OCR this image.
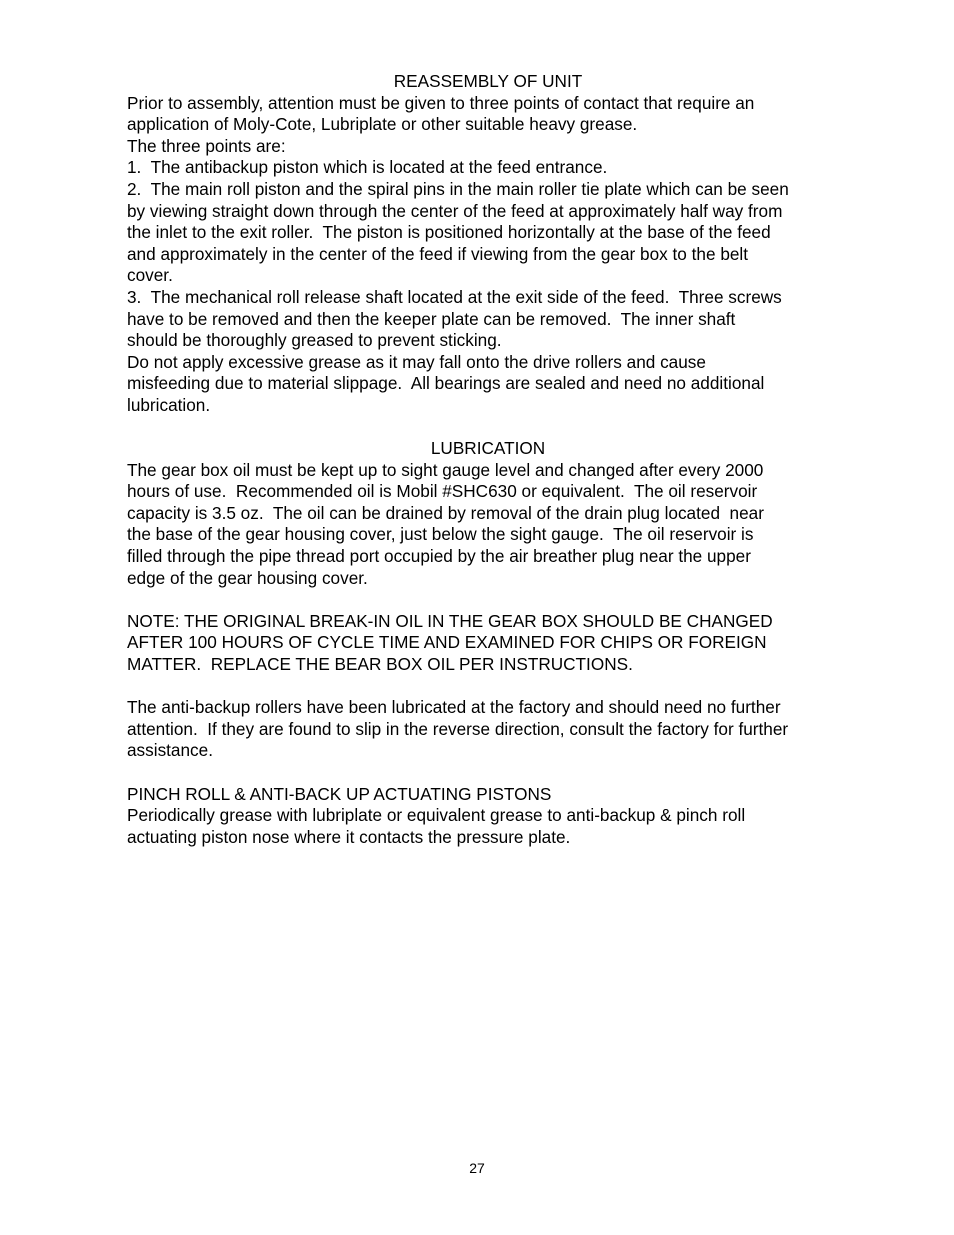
REASSEMBLY OF UNIT

Prior to assembly, attention must be given to three points of contact that require an

application of Moly-Cote, Lubriplate or other suitable heavy grease.

The three points are:

1.  The antibackup piston which is located at the feed entrance.

2.  The main roll piston and the spiral pins in the main roller tie plate which can be seen

by viewing straight down through the center of the feed at approximately half way from

the inlet to the exit roller.  The piston is positioned horizontally at the base of the feed

and approximately in the center of the feed if viewing from the gear box to the belt

cover.

3.  The mechanical roll release shaft located at the exit side of the feed.  Three screws

have to be removed and then the keeper plate can be removed.  The inner shaft

should be thoroughly greased to prevent sticking.

Do not apply excessive grease as it may fall onto the drive rollers and cause

misfeeding due to material slippage.  All bearings are sealed and need no additional

lubrication.

LUBRICATION

The gear box oil must be kept up to sight gauge level and changed after every 2000

hours of use.  Recommended oil is Mobil #SHC630 or equivalent.  The oil reservoir

capacity is 3.5 oz.  The oil can be drained by removal of the drain plug located  near

the base of the gear housing cover, just below the sight gauge.  The oil reservoir is

filled through the pipe thread port occupied by the air breather plug near the upper

edge of the gear housing cover.

NOTE: THE ORIGINAL BREAK-IN OIL IN THE GEAR BOX SHOULD BE CHANGED

AFTER 100 HOURS OF CYCLE TIME AND EXAMINED FOR CHIPS OR FOREIGN

MATTER.  REPLACE THE BEAR BOX OIL PER INSTRUCTIONS.

The anti-backup rollers have been lubricated at the factory and should need no further

attention.  If they are found to slip in the reverse direction, consult the factory for further

assistance.

PINCH ROLL & ANTI-BACK UP ACTUATING PISTONS

Periodically grease with lubriplate or equivalent grease to anti-backup & pinch roll

actuating piston nose where it contacts the pressure plate.

27
